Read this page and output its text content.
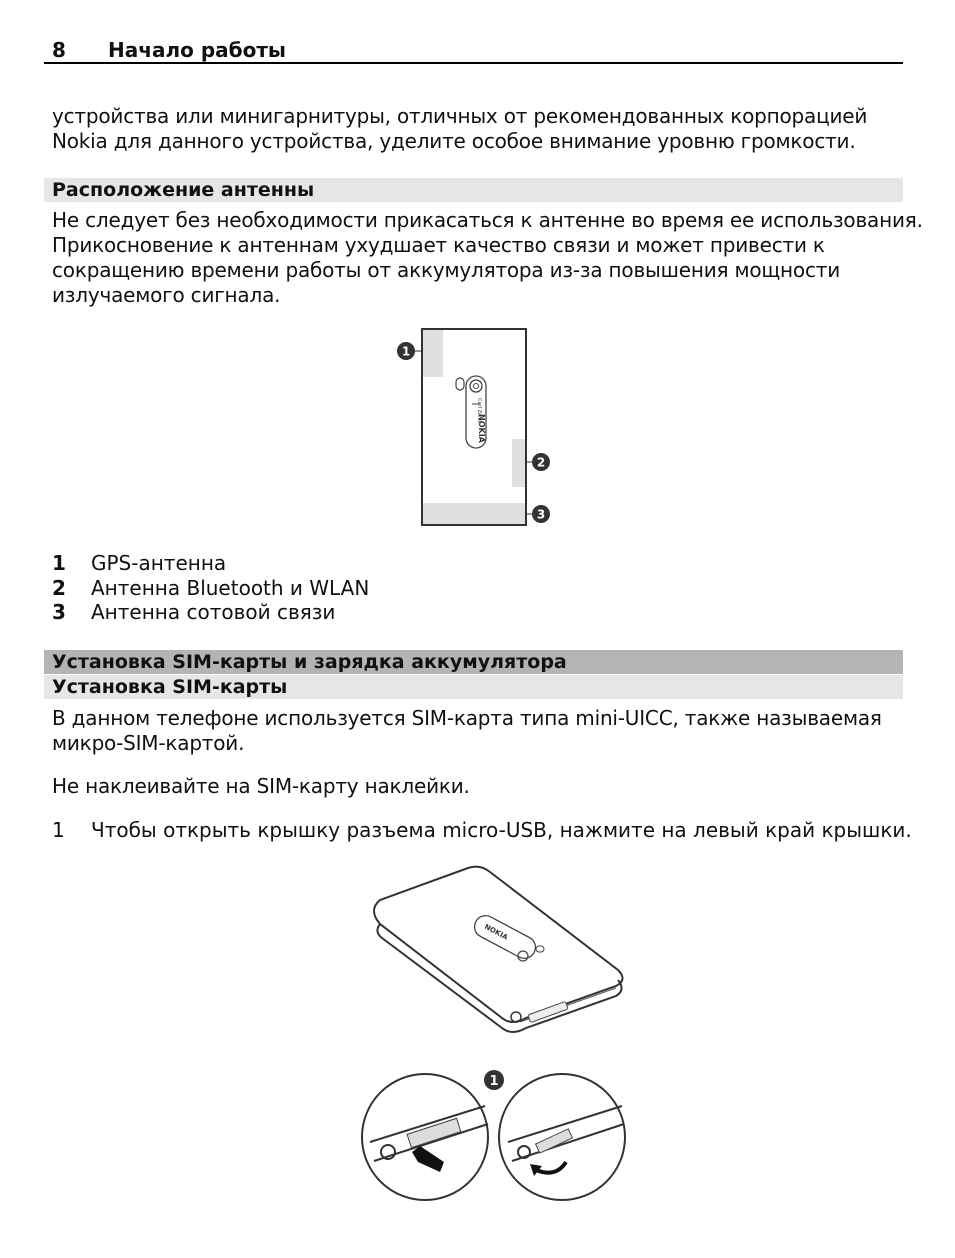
8 Начало работы
устройства или минигарнитуры, отличных от рекомендованных корпорацией
Nokia для данного устройства, уделите особое внимание уровню громкости.
Расположение антенны
Не следует без необходимости прикасаться к антенне во время ее использования.
Прикосновение к антеннам ухудшает качество связи и может привести к
сокращению времени работы от аккумулятора из-за повышения мощности
излучаемого сигнала.
Carl Zeiss
NOKIA
1
2
3
1 GPS-антенна
2 Антенна Bluetooth и WLAN
3 Антенна сотовой связи
Установка SIM-карты и зарядка аккумулятора
Установка SIM-карты
В данном телефоне используется SIM-карта типа mini-UICC, также называемая
микро-SIM-картой.
Не наклеивайте на SIM-карту наклейки.
1 Чтобы открыть крышку разъема micro-USB, нажмите на левый край крышки.
NOKIA
1
